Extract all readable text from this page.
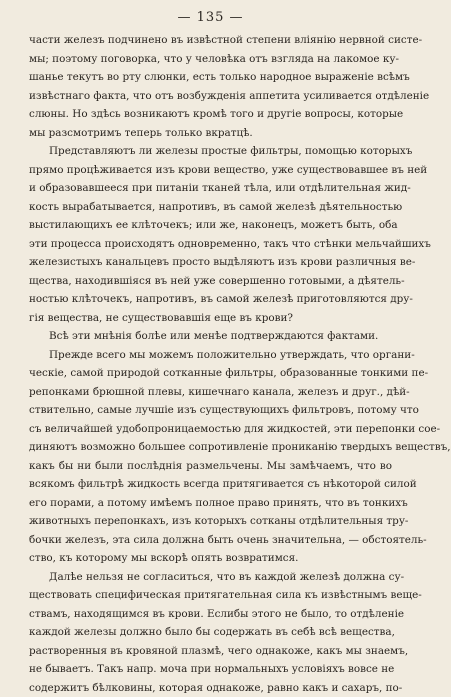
— 135 —
части железъ подчинено въ извѣстной степени вліянію нервной систе-
мы; поэтому поговорка, что у человѣка отъ взгляда на лакомое ку-
шанье текутъ во рту слюнки, есть только народное выраженіе всѣмъ
извѣстнаго факта, что отъ возбужденія аппетита усиливается отдѣленіе
слюны. Но здѣсь возникаютъ кромѣ того и другіе вопросы, которые
мы разсмотримъ теперь только вкратцѣ.
Представляютъ ли железы простые фильтры, помощью которыхъ
прямо процѣживается изъ крови вещество, уже существовавшее въ ней
и образовавшееся при питаніи тканей тѣла, или отдѣлительная жид-
кость вырабатывается, напротивъ, въ самой железѣ дѣятельностью
выстилающихъ ее клѣточекъ; или же, наконецъ, можетъ быть, оба
эти процесса происходятъ одновременно, такъ что стѣнки мельчайшихъ
железистыхъ канальцевъ просто выдѣляютъ изъ крови различныя ве-
щества, находившіяся въ ней уже совершенно готовыми, а дѣятель-
ностью клѣточекъ, напротивъ, въ самой железѣ приготовляются дру-
гія вещества, не существовавшія еще въ крови?
Всѣ эти мнѣнія болѣе или менѣе подтверждаются фактами.
Прежде всего мы можемъ положительно утверждать, что органи-
ческіе, самой природой сотканные фильтры, образованные тонкими пе-
репонками брюшной плевы, кишечнаго канала, железъ и друг., дѣй-
ствительно, самые лучшіе изъ существующихъ фильтровъ, потому что
съ величайшей удобопроницаемостью для жидкостей, эти перепонки сое-
диняютъ возможно большее сопротивленіе прониканію твердыхъ веществъ,
какъ бы ни были послѣднія размельчены. Мы замѣчаемъ, что во
всякомъ фильтрѣ жидкость всегда притягивается съ нѣкоторой силой
его порами, а потому имѣемъ полное право принять, что въ тонкихъ
животныхъ перепонкахъ, изъ которыхъ сотканы отдѣлительныя тру-
бочки железъ, эта сила должна быть очень значительна, — обстоятель-
ство, къ которому мы вскорѣ опять возвратимся.
Далѣе нельзя не согласиться, что въ каждой железѣ должна су-
ществовать специфическая притягательная сила къ извѣстнымъ веще-
ствамъ, находящимся въ крови. Еслибы этого не было, то отдѣленіе
каждой железы должно было бы содержать въ себѣ всѣ вещества,
растворенныя въ кровяной плазмѣ, чего однакоже, какъ мы знаемъ,
не бываетъ. Такъ напр. моча при нормальныхъ условіяхъ вовсе не
содержитъ бѣлковины, которая однакоже, равно какъ и сахаръ, по-
